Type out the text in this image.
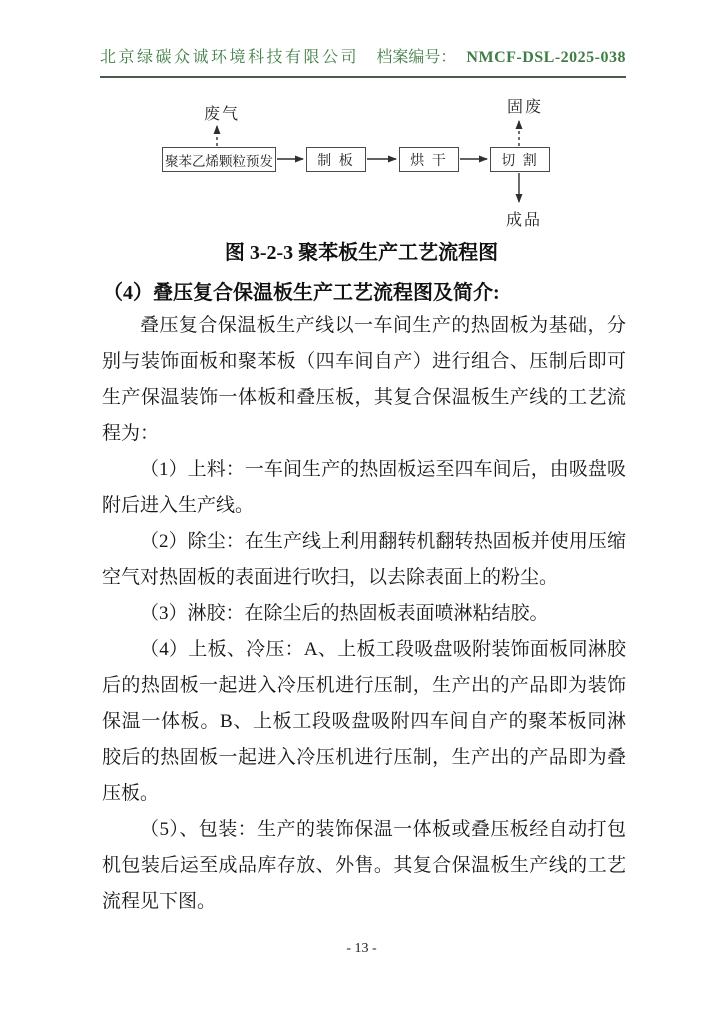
北京绿碳众诚环境科技有限公司 档案编号： NMCF-DSL-2025-038
废气	固废
成品
聚苯乙烯颗粒预发	制 板	烘 干	切 割
图 3-2-3 聚苯板生产工艺流程图
（4）叠压复合保温板生产工艺流程图及简介:

叠压复合保温板生产线以一车间生产的热固板为基础，分别与装饰面板和聚苯板（四车间自产）进行组合、压制后即可生产保温装饰一体板和叠压板，其复合保温板生产线的工艺流程为：

（1）上料：一车间生产的热固板运至四车间后，由吸盘吸附后进入生产线。

（2）除尘：在生产线上利用翻转机翻转热固板并使用压缩空气对热固板的表面进行吹扫，以去除表面上的粉尘。

（3）淋胶：在除尘后的热固板表面喷淋粘结胶。

（4）上板、冷压：A、上板工段吸盘吸附装饰面板同淋胶后的热固板一起进入冷压机进行压制，生产出的产品即为装饰保温一体板。B、上板工段吸盘吸附四车间自产的聚苯板同淋胶后的热固板一起进入冷压机进行压制，生产出的产品即为叠压板。

（5）、包装：生产的装饰保温一体板或叠压板经自动打包机包装后运至成品库存放、外售。其复合保温板生产线的工艺流程见下图。

- 13 -
